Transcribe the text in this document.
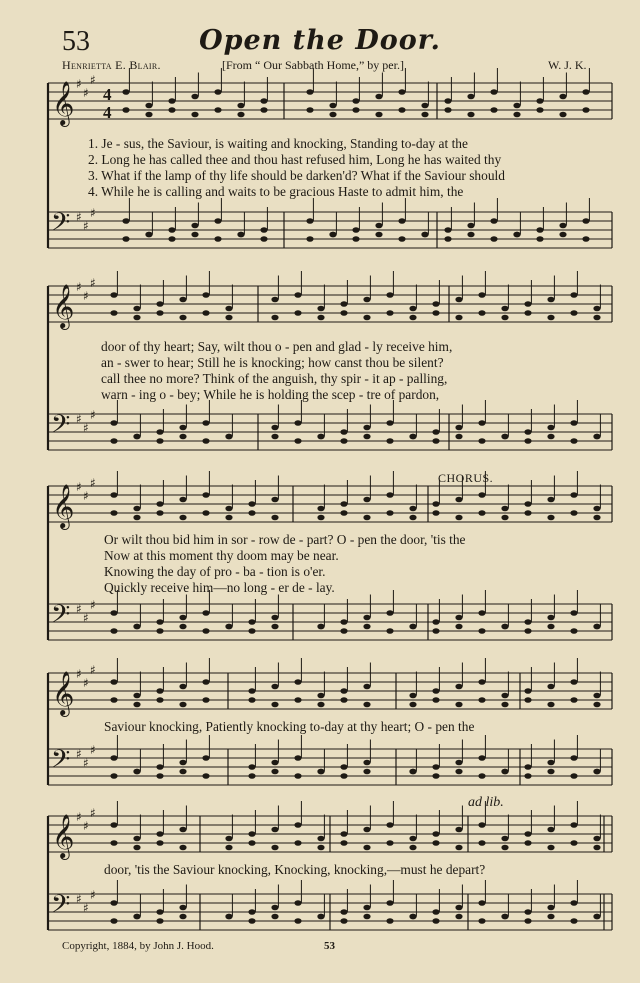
53	Open the Door.
Henrietta E. Blair.	[From “ Our Sabbath Home,” by per.]	W. J. K.
𝄞
𝄢
♯
♯
♯
♯
♯
♯
4
4
𝄞
𝄢
♯
♯
♯
♯
♯
♯
𝄞
𝄢
♯
♯
♯
♯
♯
♯
𝄞
𝄢
♯
♯
♯
♯
♯
♯
𝄞
𝄢
♯
♯
♯
♯
♯
♯
1. Je - sus, the Saviour, is waiting and knocking, Standing to-day at the
2. Long he has called thee and thou hast refused him, Long he has waited thy
3. What if the lamp of thy life should be darken'd? What if the Saviour should
4. While he is calling and waits to be gracious Haste to admit him, the
door of thy heart; Say, wilt thou o - pen and glad - ly receive him,
an - swer to hear; Still he is knocking; how canst thou be silent?
call thee no more? Think of the anguish, thy spir - it ap - palling,
warn - ing o - bey; While he is holding the scep - tre of pardon,
CHORUS.
Or wilt thou bid him in sor - row de - part? O - pen the door, 'tis the
Now at this moment thy doom may be near.
Knowing the day of pro - ba - tion is o'er.
Quickly receive him—no long - er de - lay.
Saviour knocking, Patiently knocking to-day at thy heart; O - pen the
ad lib.
door, 'tis the Saviour knocking, Knocking, knocking,—must he depart?
Copyright, 1884, by John J. Hood.	53
